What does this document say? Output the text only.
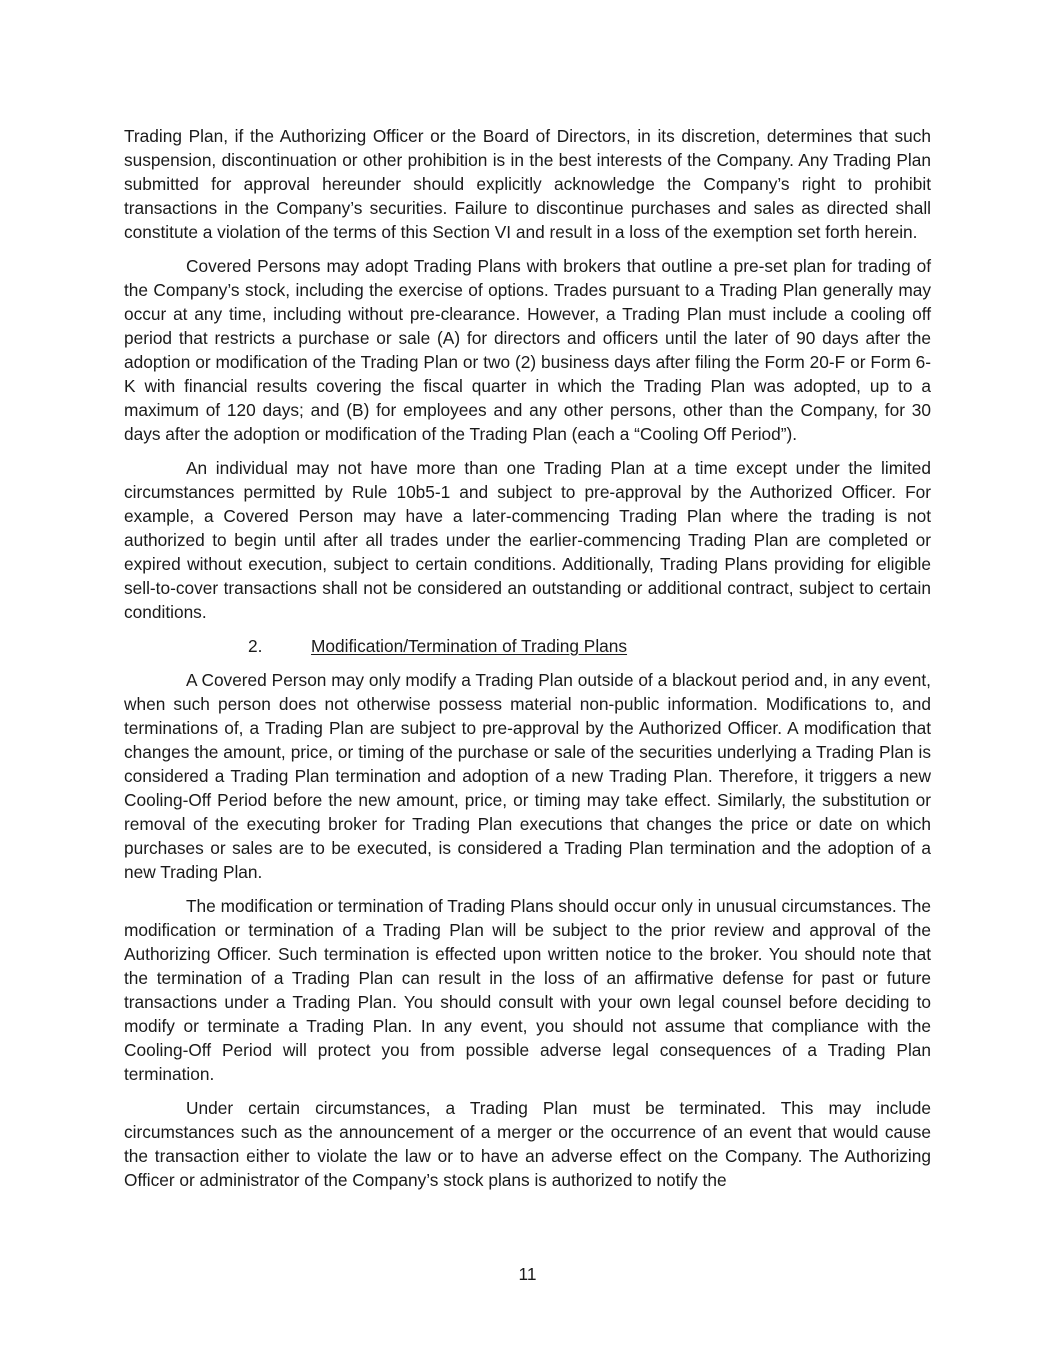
Trading Plan, if the Authorizing Officer or the Board of Directors, in its discretion, determines that such suspension, discontinuation or other prohibition is in the best interests of the Company. Any Trading Plan submitted for approval hereunder should explicitly acknowledge the Company’s right to prohibit transactions in the Company’s securities. Failure to discontinue purchases and sales as directed shall constitute a violation of the terms of this Section VI and result in a loss of the exemption set forth herein.

Covered Persons may adopt Trading Plans with brokers that outline a pre-set plan for trading of the Company’s stock, including the exercise of options. Trades pursuant to a Trading Plan generally may occur at any time, including without pre-clearance. However, a Trading Plan must include a cooling off period that restricts a purchase or sale (A) for directors and officers until the later of 90 days after the adoption or modification of the Trading Plan or two (2) business days after filing the Form 20-F or Form 6-K with financial results covering the fiscal quarter in which the Trading Plan was adopted, up to a maximum of 120 days; and (B) for employees and any other persons, other than the Company, for 30 days after the adoption or modification of the Trading Plan (each a “Cooling Off Period”).

An individual may not have more than one Trading Plan at a time except under the limited circumstances permitted by Rule 10b5-1 and subject to pre-approval by the Authorized Officer. For example, a Covered Person may have a later-commencing Trading Plan where the trading is not authorized to begin until after all trades under the earlier-commencing Trading Plan are completed or expired without execution, subject to certain conditions. Additionally, Trading Plans providing for eligible sell-to-cover transactions shall not be considered an outstanding or additional contract, subject to certain conditions.

2.	Modification/Termination of Trading Plans

A Covered Person may only modify a Trading Plan outside of a blackout period and, in any event, when such person does not otherwise possess material non-public information. Modifications to, and terminations of, a Trading Plan are subject to pre-approval by the Authorized Officer. A modification that changes the amount, price, or timing of the purchase or sale of the securities underlying a Trading Plan is considered a Trading Plan termination and adoption of a new Trading Plan. Therefore, it triggers a new Cooling-Off Period before the new amount, price, or timing may take effect. Similarly, the substitution or removal of the executing broker for Trading Plan executions that changes the price or date on which purchases or sales are to be executed, is considered a Trading Plan termination and the adoption of a new Trading Plan.

The modification or termination of Trading Plans should occur only in unusual circumstances. The modification or termination of a Trading Plan will be subject to the prior review and approval of the Authorizing Officer. Such termination is effected upon written notice to the broker. You should note that the termination of a Trading Plan can result in the loss of an affirmative defense for past or future transactions under a Trading Plan. You should consult with your own legal counsel before deciding to modify or terminate a Trading Plan. In any event, you should not assume that compliance with the Cooling-Off Period will protect you from possible adverse legal consequences of a Trading Plan termination.

Under certain circumstances, a Trading Plan must be terminated. This may include circumstances such as the announcement of a merger or the occurrence of an event that would cause the transaction either to violate the law or to have an adverse effect on the Company. The Authorizing Officer or administrator of the Company’s stock plans is authorized to notify the

11
